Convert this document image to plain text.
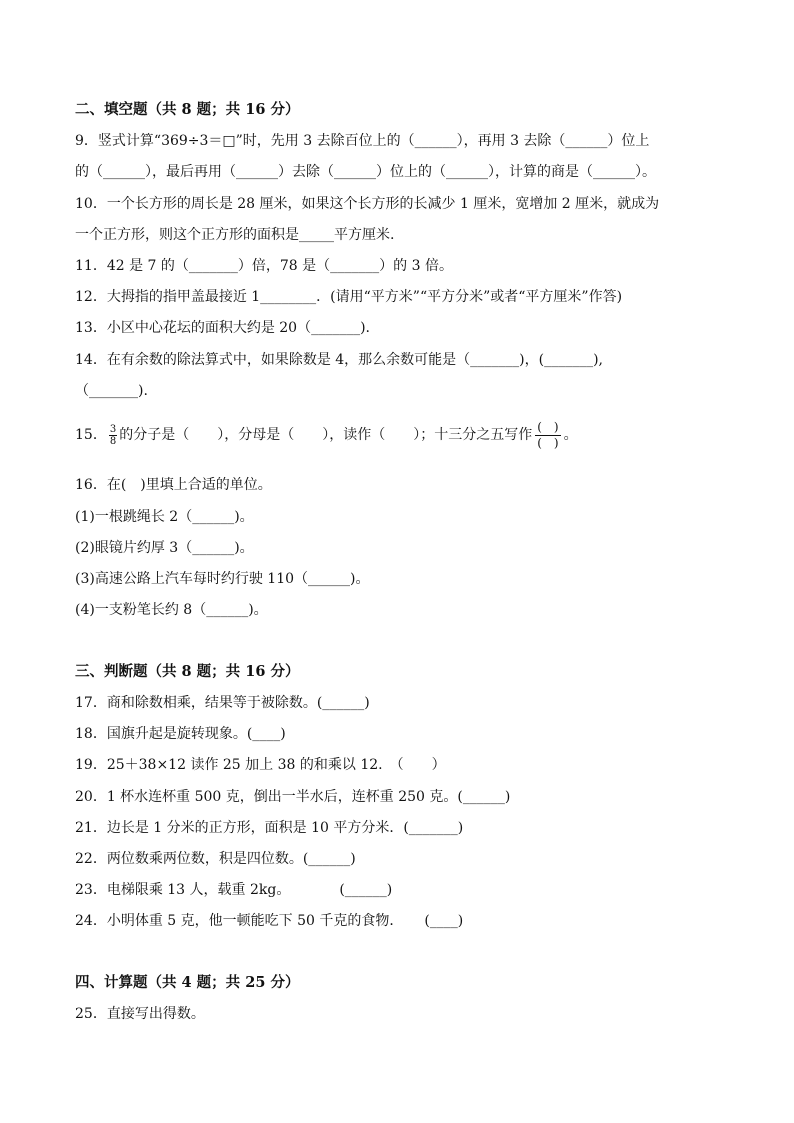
二、填空题（共 8 题；共 16 分）
9．竖式计算“369÷3＝□”时，先用 3 去除百位上的（______），再用 3 去除（______）位上
的（______），最后再用（______）去除（______）位上的（______），计算的商是（______）。
10．一个长方形的周长是 28 厘米，如果这个长方形的长减少 1 厘米，宽增加 2 厘米，就成为
一个正方形，则这个正方形的面积是_____平方厘米.
11．42 是 7 的（_______）倍，78 是（_______）的 3 倍。
12．大拇指的指甲盖最接近 1________．(请用“平方米”“平方分米”或者“平方厘米”作答)
13．小区中心花坛的面积大约是 20（_______).
14．在有余数的除法算式中，如果除数是 4，那么余数可能是（_______)，(_______),
（_______).
15． $\frac{3}{8}$ 的分子是（　　），分母是（　　），读作（　　）；十三分之五写作 $\frac{( )}{( )}$ 。
16．在(　)里填上合适的单位。
(1)一根跳绳长 2（______)。
(2)眼镜片约厚 3（______)。
(3)高速公路上汽车每时约行驶 110（______)。
(4)一支粉笔长约 8（______)。
三、判断题（共 8 题；共 16 分）
17．商和除数相乘，结果等于被除数。(______)
18．国旗升起是旋转现象。(____)
19．25＋38×12 读作 25 加上 38 的和乘以 12.　（　　）
20．1 杯水连杯重 500 克，倒出一半水后，连杯重 250 克。(______)
21．边长是 1 分米的正方形，面积是 10 平方分米．(_______)
22．两位数乘两位数，积是四位数。(______)
23．电梯限乘 13 人，载重 2kg。　　　　(______)
24．小明体重 5 克，他一顿能吃下 50 千克的食物．　　(____)
四、计算题（共 4 题；共 25 分）
25．直接写出得数。
